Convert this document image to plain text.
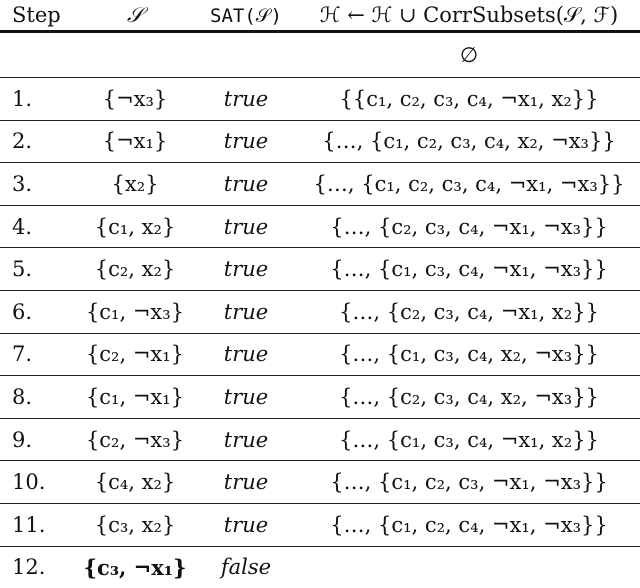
Step	𝒮	SAT(𝒮)	ℋ ← ℋ ∪ CorrSubsets(𝒮, ℱ)
			∅
1.	{¬x₃}	true	{{c₁, c₂, c₃, c₄, ¬x₁, x₂}}
2.	{¬x₁}	true	{…, {c₁, c₂, c₃, c₄, x₂, ¬x₃}}
3.	{x₂}	true	{…, {c₁, c₂, c₃, c₄, ¬x₁, ¬x₃}}
4.	{c₁, x₂}	true	{…, {c₂, c₃, c₄, ¬x₁, ¬x₃}}
5.	{c₂, x₂}	true	{…, {c₁, c₃, c₄, ¬x₁, ¬x₃}}
6.	{c₁, ¬x₃}	true	{…, {c₂, c₃, c₄, ¬x₁, x₂}}
7.	{c₂, ¬x₁}	true	{…, {c₁, c₃, c₄, x₂, ¬x₃}}
8.	{c₁, ¬x₁}	true	{…, {c₂, c₃, c₄, x₂, ¬x₃}}
9.	{c₂, ¬x₃}	true	{…, {c₁, c₃, c₄, ¬x₁, x₂}}
10.	{c₄, x₂}	true	{…, {c₁, c₂, c₃, ¬x₁, ¬x₃}}
11.	{c₃, x₂}	true	{…, {c₁, c₂, c₄, ¬x₁, ¬x₃}}
12.	{c₃, ¬x₁}	false	
